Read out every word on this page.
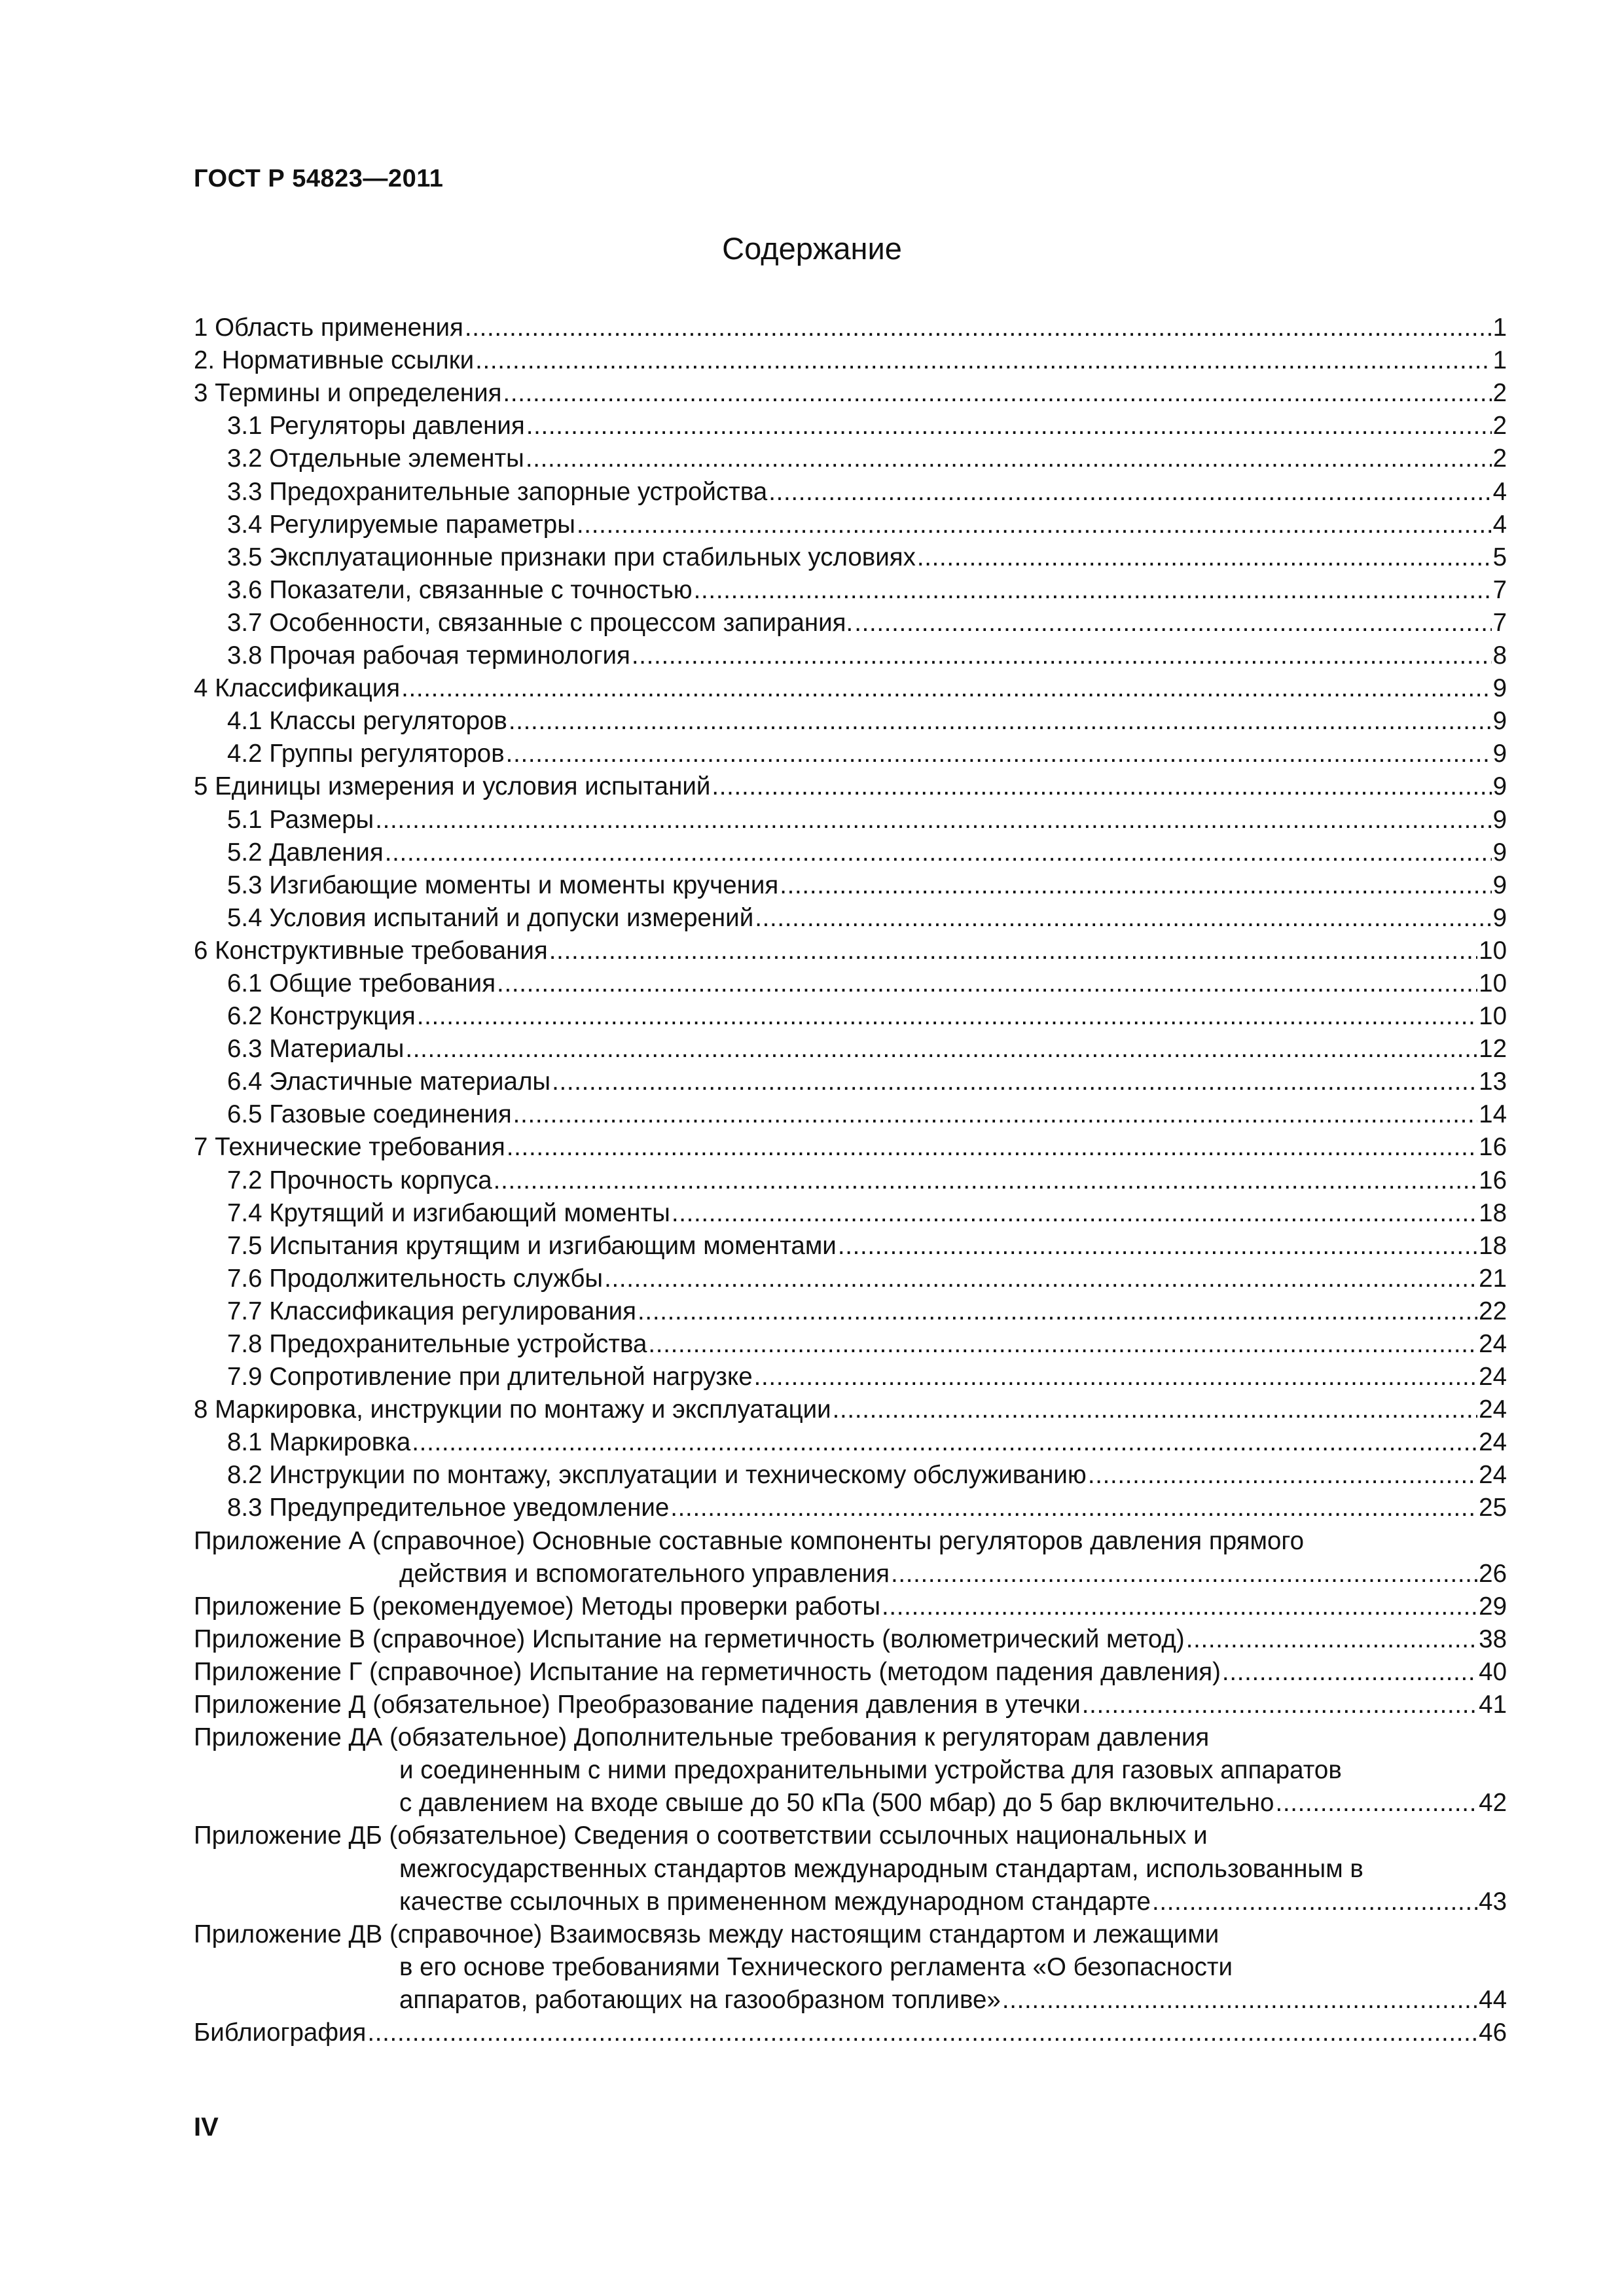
ГОСТ Р 54823—2011
Содержание
1 Область применения . . .	1
2. Нормативные ссылки . . .	1
3 Термины и определения . . .	2
3.1 Регуляторы давления . . .	2
3.2 Отдельные элементы . . .	2
3.3 Предохранительные запорные устройства . . .	4
3.4 Регулируемые параметры . . .	4
3.5 Эксплуатационные признаки при стабильных условиях . . .	5
3.6 Показатели, связанные с точностью . . .	7
3.7 Особенности, связанные с процессом запирания. . . .	7
3.8 Прочая рабочая терминология . . .	8
4 Классификация . . .	9
4.1 Классы регуляторов . . .	9
4.2 Группы регуляторов . . .	9
5 Единицы измерения и условия испытаний . . .	9
5.1 Размеры . . .	9
5.2 Давления . . .	9
5.3 Изгибающие моменты и моменты кручения . . .	9
5.4 Условия испытаний и допуски измерений . . .	9
6 Конструктивные требования . . .	10
6.1 Общие требования . . .	10
6.2 Конструкция . . .	10
6.3 Материалы . . .	12
6.4 Эластичные материалы . . .	13
6.5 Газовые соединения . . .	14
7 Технические требования . . .	16
7.2 Прочность корпуса . . .	16
7.4 Крутящий и изгибающий моменты . . .	18
7.5 Испытания крутящим и изгибающим моментами . . .	18
7.6 Продолжительность службы . . .	21
7.7 Классификация регулирования . . .	22
7.8 Предохранительные устройства . . .	24
7.9 Сопротивление при длительной нагрузке . . .	24
8 Маркировка, инструкции по монтажу и эксплуатации . . .	24
8.1 Маркировка . . .	24
8.2 Инструкции по монтажу, эксплуатации и техническому обслуживанию . . .	24
8.3 Предупредительное уведомление . . .	25
Приложение А (справочное) Основные составные компоненты регуляторов давления прямого
действия и вспомогательного управления . . .	26
Приложение Б (рекомендуемое) Методы проверки работы . . .	29
Приложение В (справочное) Испытание на герметичность (волюметрический метод) . . .	38
Приложение Г (справочное) Испытание на герметичность (методом падения давления) . . .	40
Приложение Д (обязательное) Преобразование падения давления в утечки . . .	41
Приложение ДА (обязательное) Дополнительные требования к регуляторам давления
и соединенным с ними предохранительными устройства для газовых аппаратов
с давлением на входе свыше до 50 кПа (500 мбар) до 5 бар включительно . . .	42
Приложение ДБ (обязательное) Сведения о соответствии ссылочных национальных и
межгосударственных стандартов международным стандартам, использованным в
качестве ссылочных в примененном международном стандарте . . .	43
Приложение ДВ (справочное) Взаимосвязь между настоящим стандартом и лежащими
в его основе требованиями Технического регламента «О безопасности
аппаратов, работающих на газообразном топливе» . . .	44
Библиография . . .	46
IV
